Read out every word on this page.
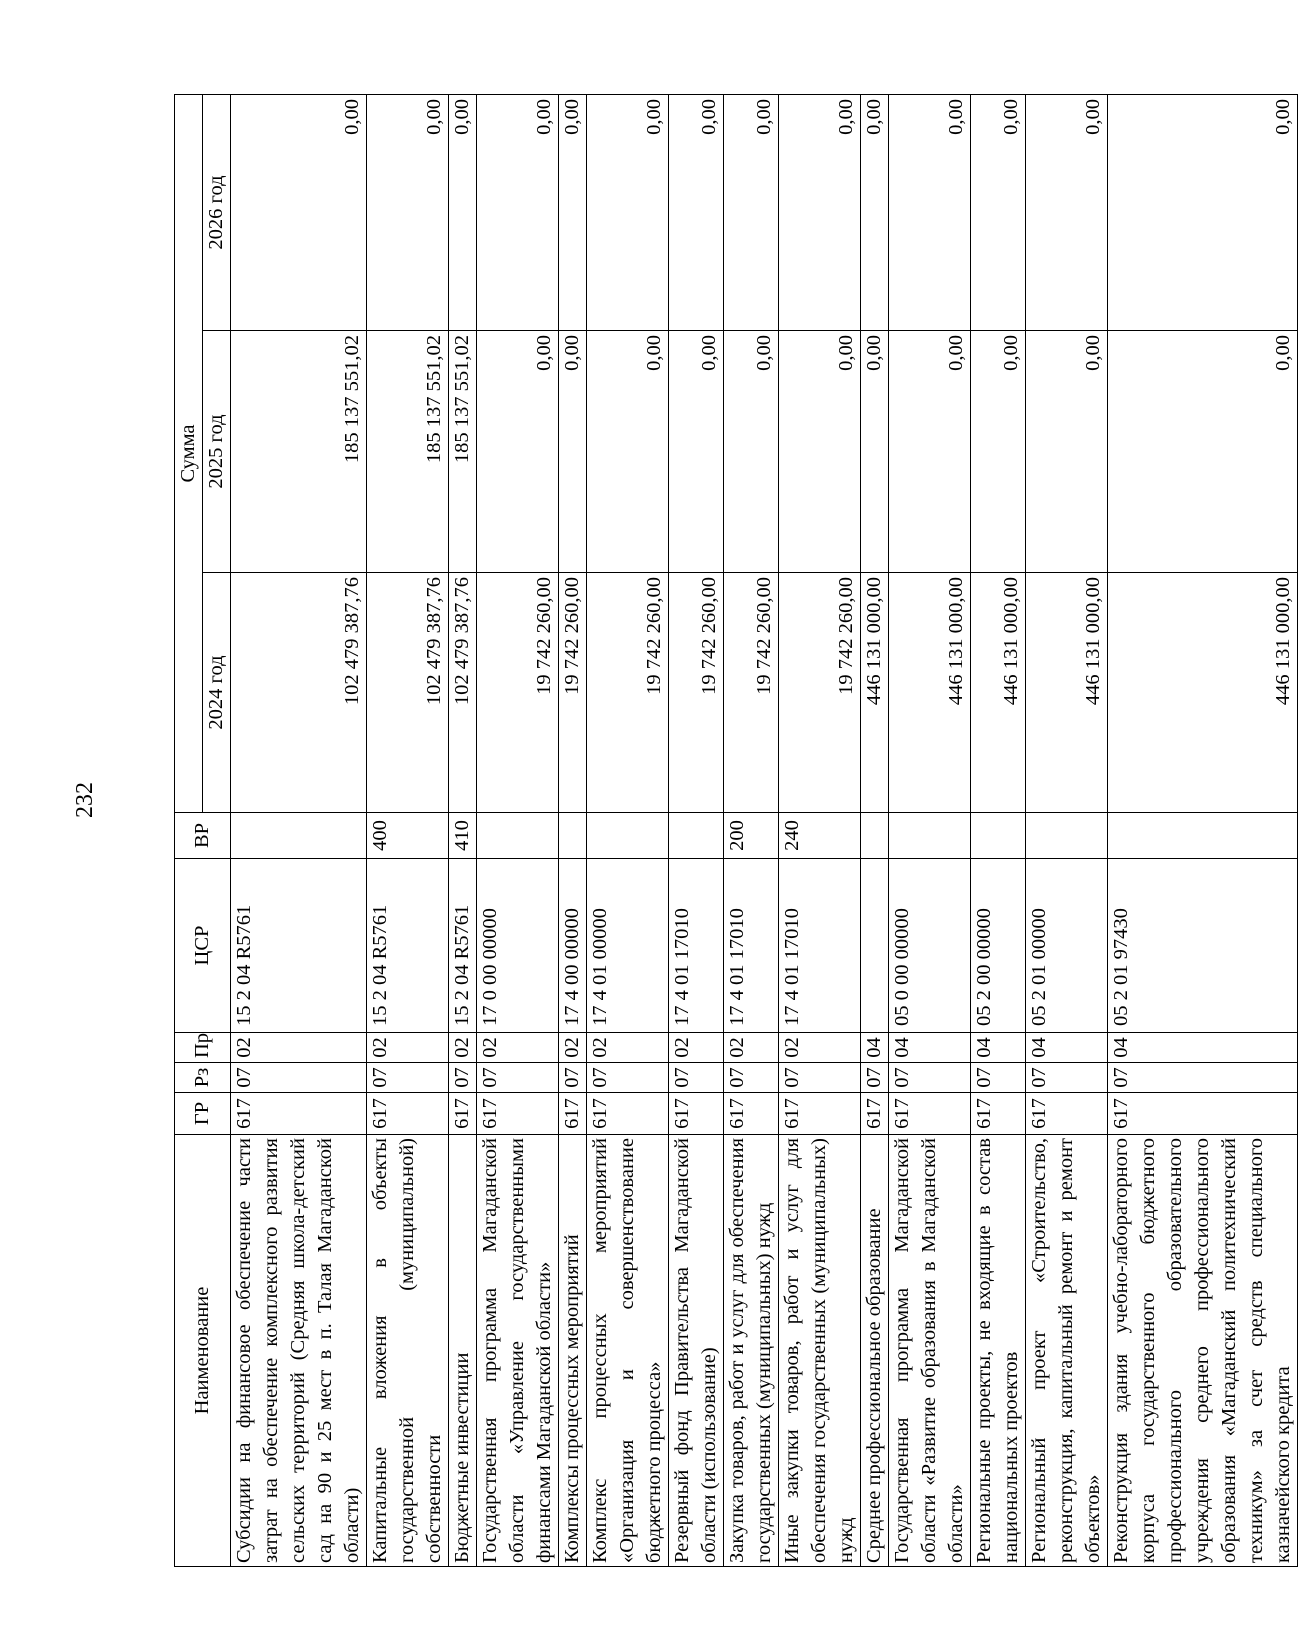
232
Наименование	ГР	Рз	Пр	ЦСР	ВР	Сумма		
						2024 год	2025 год	2026 год
Субсидии на финансовое обеспечение части затрат на обеспечение комплексного развития сельских территорий (Средняя школа-детский сад на 90 и 25 мест в п. Талая Магаданской области)	617	07	02	15 2 04 R5761		102 479 387,76	185 137 551,02	0,00
Капитальные вложения в объекты государственной (муниципальной) собственности	617	07	02	15 2 04 R5761	400	102 479 387,76	185 137 551,02	0,00
Бюджетные инвестиции	617	07	02	15 2 04 R5761	410	102 479 387,76	185 137 551,02	0,00
Государственная программа Магаданской области «Управление государственными финансами Магаданской области»	617	07	02	17 0 00 00000		19 742 260,00	0,00	0,00
Комплексы процессных мероприятий	617	07	02	17 4 00 00000		19 742 260,00	0,00	0,00
Комплекс процессных мероприятий «Организация и совершенствование бюджетного процесса»	617	07	02	17 4 01 00000		19 742 260,00	0,00	0,00
Резервный фонд Правительства Магаданской области (использование)	617	07	02	17 4 01 17010		19 742 260,00	0,00	0,00
Закупка товаров, работ и услуг для обеспечения государственных (муниципальных) нужд	617	07	02	17 4 01 17010	200	19 742 260,00	0,00	0,00
Иные закупки товаров, работ и услуг для обеспечения государственных (муниципальных) нужд	617	07	02	17 4 01 17010	240	19 742 260,00	0,00	0,00
Среднее профессиональное образование	617	07	04			446 131 000,00	0,00	0,00
Государственная программа Магаданской области «Развитие образования в Магаданской области»	617	07	04	05 0 00 00000		446 131 000,00	0,00	0,00
Региональные проекты, не входящие в состав национальных проектов	617	07	04	05 2 00 00000		446 131 000,00	0,00	0,00
Региональный проект «Строительство, реконструкция, капитальный ремонт и ремонт объектов»	617	07	04	05 2 01 00000		446 131 000,00	0,00	0,00
Реконструкция здания учебно-лабораторного корпуса государственного бюджетного профессионального образовательного учреждения среднего профессионального образования «Магаданский политехнический техникум» за счет средств специального казначейского кредита	617	07	04	05 2 01 97430		446 131 000,00	0,00	0,00
